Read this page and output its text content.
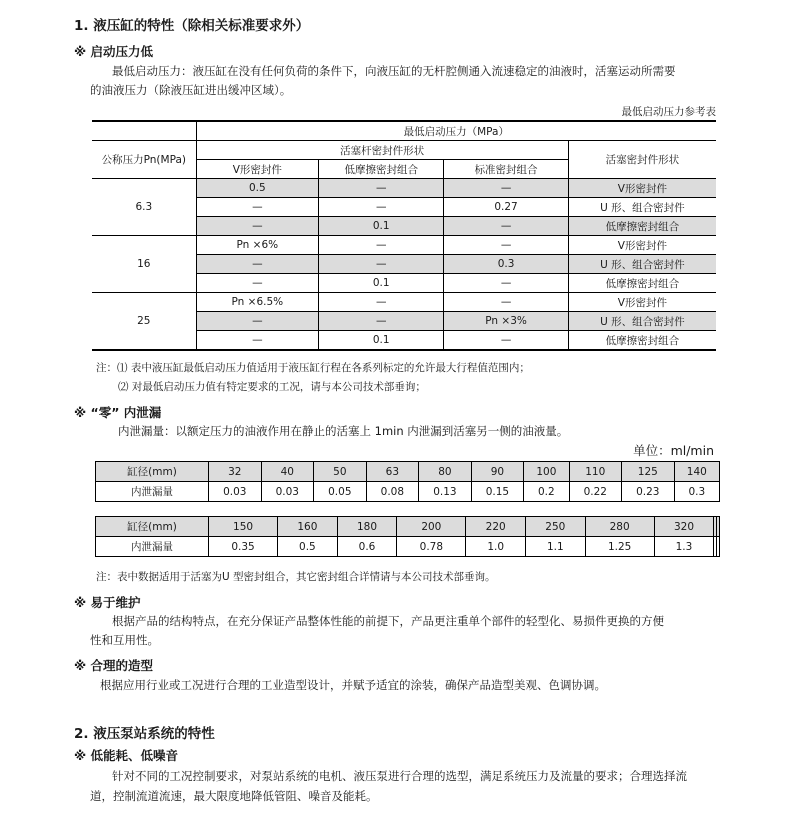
1. 液压缸的特性（除相关标准要求外）
※ 启动压力低
最低启动压力：液压缸在没有任何负荷的条件下，向液压缸的无杆腔侧通入流速稳定的油液时，活塞运动所需要
的油液压力（除液压缸进出缓冲区域）。
最低启动压力参考表
	最低启动压力（MPa）			
公称压力Pn(MPa)	活塞杆密封件形状			活塞密封件形状
	V形密封件	低摩擦密封组合	标准密封组合	
6.3	0.5	—	—	V形密封件
	—	—	0.27	U 形、组合密封件
	—	0.1	—	低摩擦密封组合
16	Pn ×6%	—	—	V形密封件
	—	—	0.3	U 形、组合密封件
	—	0.1	—	低摩擦密封组合
25	Pn ×6.5%	—	—	V形密封件
	—	—	Pn ×3%	U 形、组合密封件
	—	0.1	—	低摩擦密封组合
注：⑴ 表中液压缸最低启动压力值适用于液压缸行程在各系列标定的允许最大行程值范围内；
⑵ 对最低启动压力值有特定要求的工况，请与本公司技术部垂询；
※ “零” 内泄漏
内泄漏量：以额定压力的油液作用在静止的活塞上 1min 内泄漏到活塞另一侧的油液量。
单位：ml/min
缸径(mm)	32	40	50	63	80	90	100	110	125	140
内泄漏量	0.03	0.03	0.05	0.08	0.13	0.15	0.2	0.22	0.23	0.3
缸径(mm)	150	160	180	200	220	250	280	320		
内泄漏量	0.35	0.5	0.6	0.78	1.0	1.1	1.25	1.3		
注：表中数据适用于活塞为U 型密封组合，其它密封组合详情请与本公司技术部垂询。
※ 易于维护
根据产品的结构特点，在充分保证产品整体性能的前提下，产品更注重单个部件的轻型化、易损件更换的方便
性和互用性。
※ 合理的造型
根据应用行业或工况进行合理的工业造型设计，并赋予适宜的涂装，确保产品造型美观、色调协调。
2. 液压泵站系统的特性
※ 低能耗、低噪音
针对不同的工况控制要求，对泵站系统的电机、液压泵进行合理的选型，满足系统压力及流量的要求；合理选择流
道，控制流道流速，最大限度地降低管阻、噪音及能耗。
